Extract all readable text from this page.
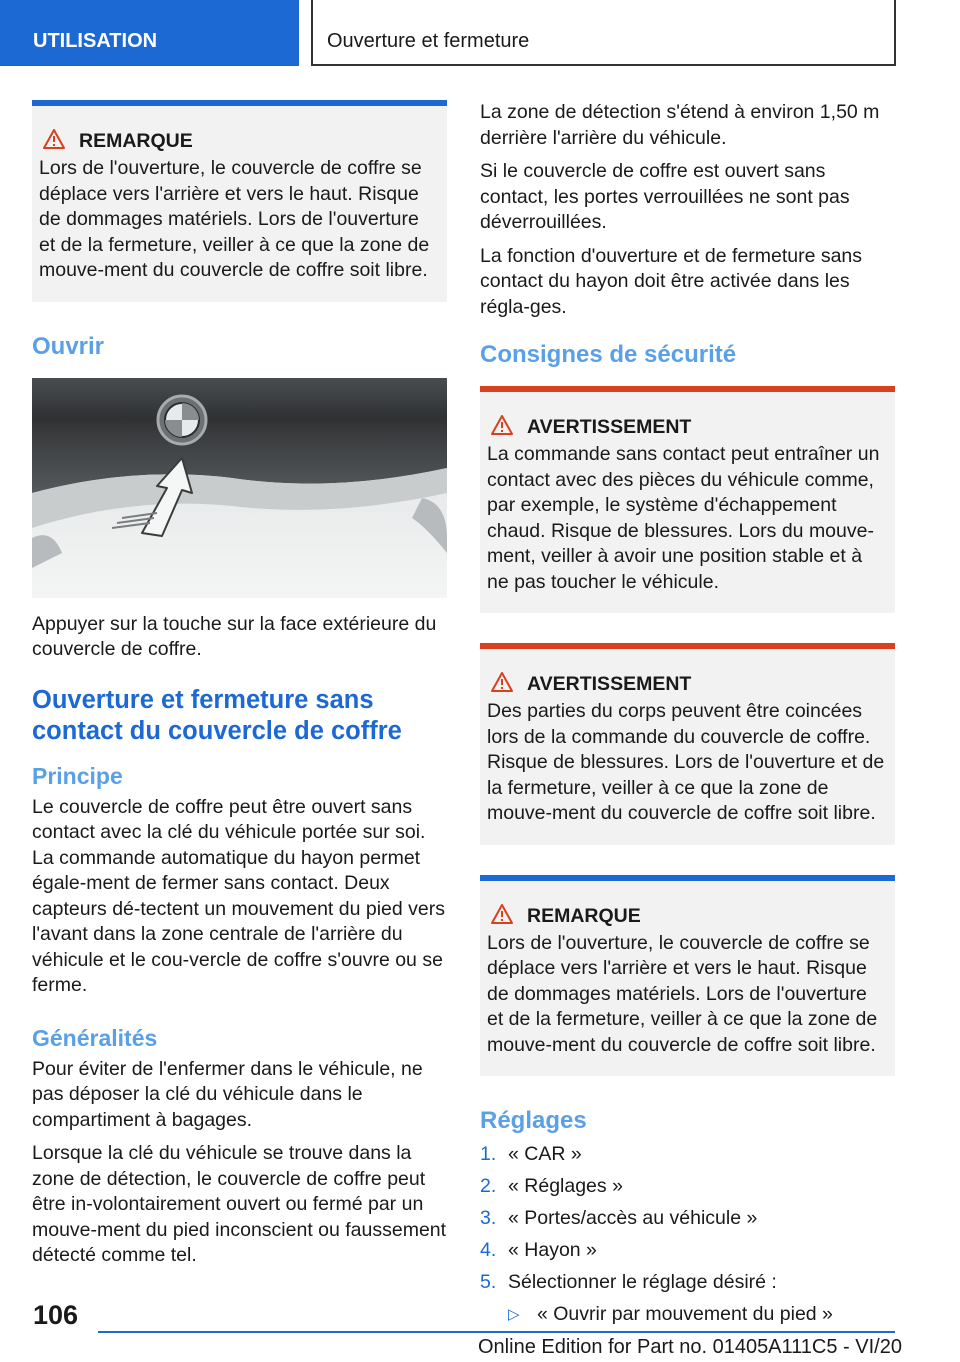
UTILISATION	Ouverture et fermeture
REMARQUE

Lors de l'ouverture, le couvercle de coffre se déplace vers l'arrière et vers le haut. Risque de dommages matériels. Lors de l'ouverture et de la fermeture, veiller à ce que la zone de mouve-ment du couvercle de coffre soit libre.

Ouvrir

Appuyer sur la touche sur la face extérieure du couvercle de coffre.

Ouverture et fermeture sans contact du couvercle de coffre
Principe

Le couvercle de coffre peut être ouvert sans contact avec la clé du véhicule portée sur soi. La commande automatique du hayon permet égale-ment de fermer sans contact. Deux capteurs dé-tectent un mouvement du pied vers l'avant dans la zone centrale de l'arrière du véhicule et le cou-vercle de coffre s'ouvre ou se ferme.

Généralités

Pour éviter de l'enfermer dans le véhicule, ne pas déposer la clé du véhicule dans le compartiment à bagages.

Lorsque la clé du véhicule se trouve dans la zone de détection, le couvercle de coffre peut être in-volontairement ouvert ou fermé par un mouve-ment du pied inconscient ou faussement détecté comme tel.

La zone de détection s'étend à environ 1,50 m derrière l'arrière du véhicule.

Si le couvercle de coffre est ouvert sans contact, les portes verrouillées ne sont pas déverrouillées.

La fonction d'ouverture et de fermeture sans contact du hayon doit être activée dans les régla-ges.

Consignes de sécurité
AVERTISSEMENT

La commande sans contact peut entraîner un contact avec des pièces du véhicule comme, par exemple, le système d'échappement chaud. Risque de blessures. Lors du mouve-ment, veiller à avoir une position stable et à ne pas toucher le véhicule.

AVERTISSEMENT

Des parties du corps peuvent être coincées lors de la commande du couvercle de coffre. Risque de blessures. Lors de l'ouverture et de la fermeture, veiller à ce que la zone de mouve-ment du couvercle de coffre soit libre.

REMARQUE

Lors de l'ouverture, le couvercle de coffre se déplace vers l'arrière et vers le haut. Risque de dommages matériels. Lors de l'ouverture et de la fermeture, veiller à ce que la zone de mouve-ment du couvercle de coffre soit libre.

Réglages
1. « CAR »
2. « Réglages »
3. « Portes/accès au véhicule »
4. « Hayon »
5. Sélectionner le réglage désiré :
▷ « Ouvrir par mouvement du pied »
106
Online Edition for Part no. 01405A111C5 - VI/20
